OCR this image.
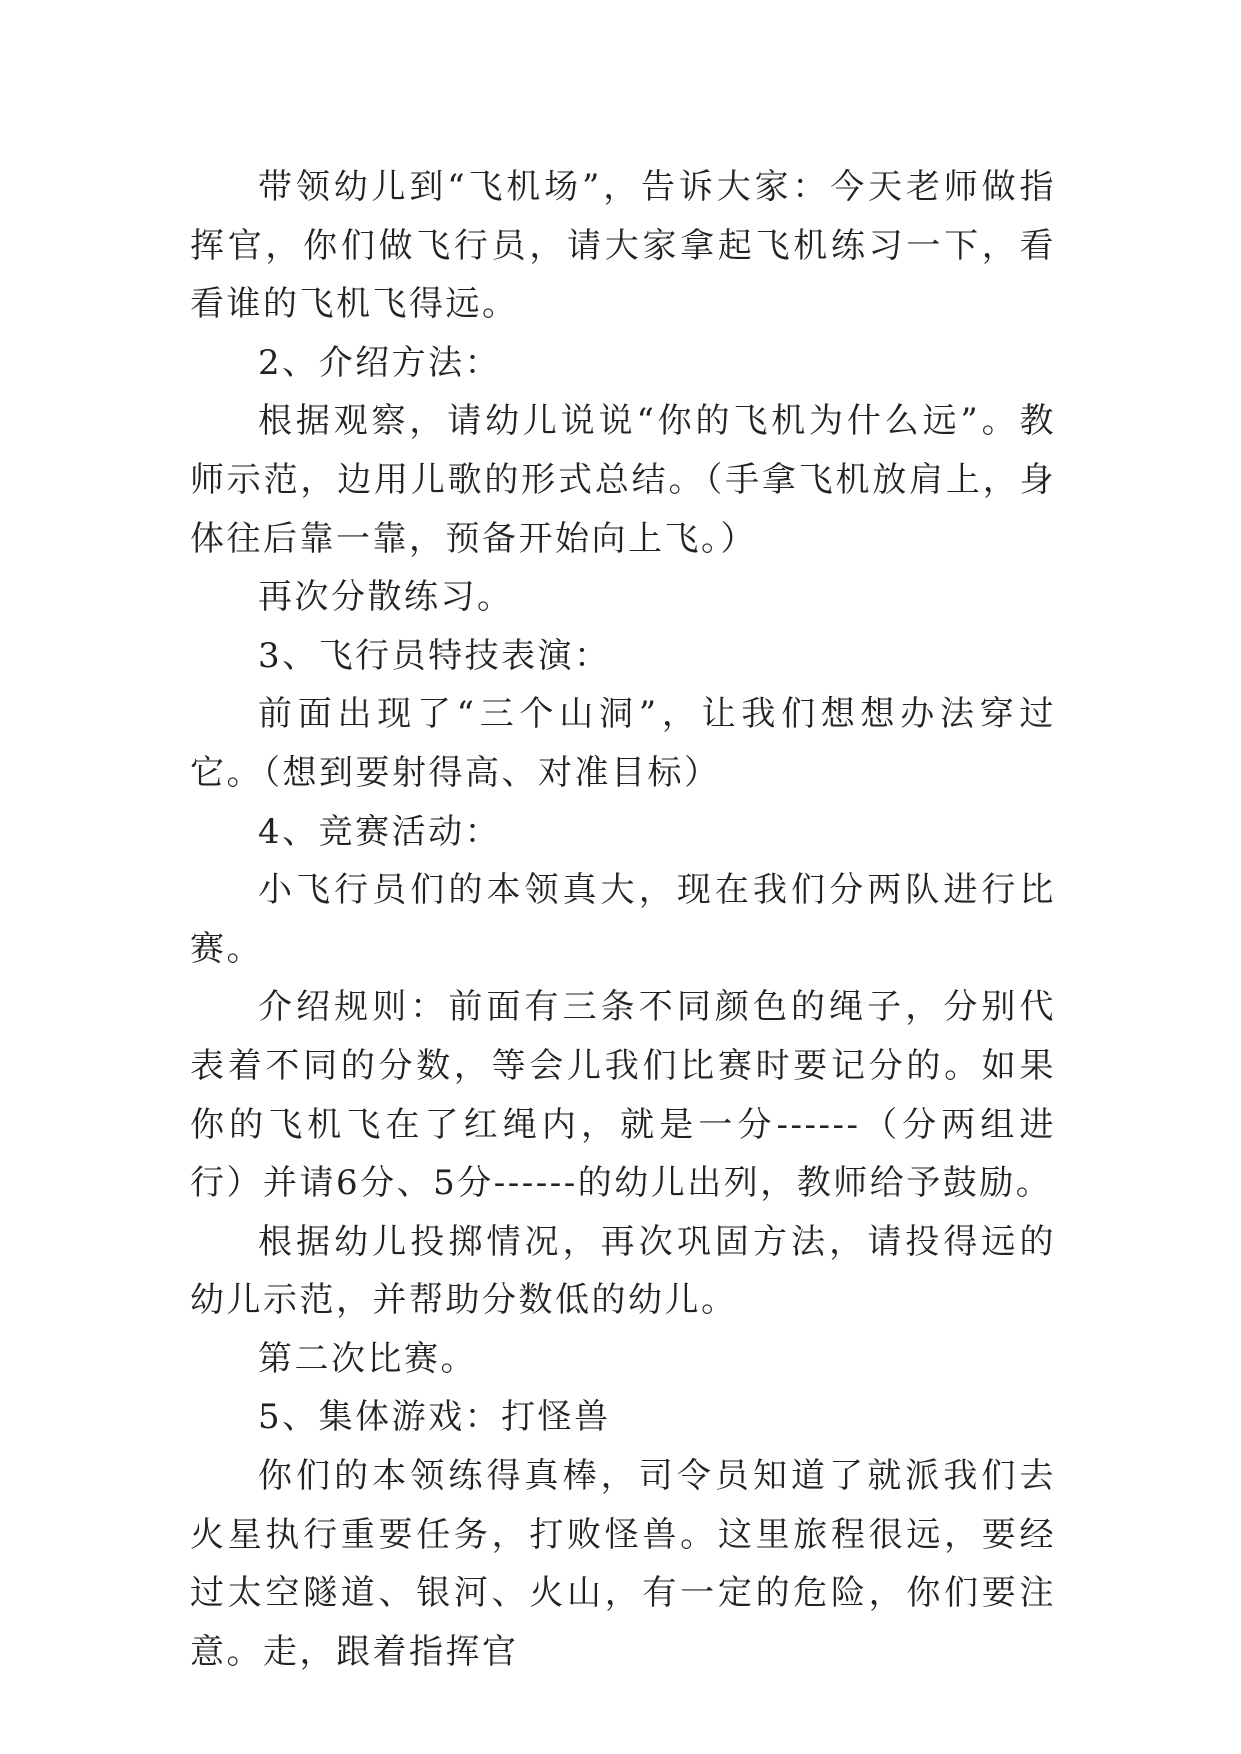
带领幼儿到“飞机场”，告诉大家：今天老师做指挥官，你们做飞行员，请大家拿起飞机练习一下，看看谁的飞机飞得远。

2、介绍方法：

根据观察，请幼儿说说“你的飞机为什么远”。教师示范，边用儿歌的形式总结。（手拿飞机放肩上，身体往后靠一靠，预备开始向上飞。）

再次分散练习。

3、飞行员特技表演：

前面出现了“三个山洞”，让我们想想办法穿过它。（想到要射得高、对准目标）

4、竞赛活动：

小飞行员们的本领真大，现在我们分两队进行比赛。

介绍规则：前面有三条不同颜色的绳子，分别代表着不同的分数，等会儿我们比赛时要记分的。如果你的飞机飞在了红绳内，就是一分------（分两组进行）并请6分、5分------的幼儿出列，教师给予鼓励。

根据幼儿投掷情况，再次巩固方法，请投得远的幼儿示范，并帮助分数低的幼儿。

第二次比赛。

5、集体游戏：打怪兽

你们的本领练得真棒，司令员知道了就派我们去火星执行重要任务，打败怪兽。这里旅程很远，要经过太空隧道、银河、火山，有一定的危险，你们要注意。走，跟着指挥官
